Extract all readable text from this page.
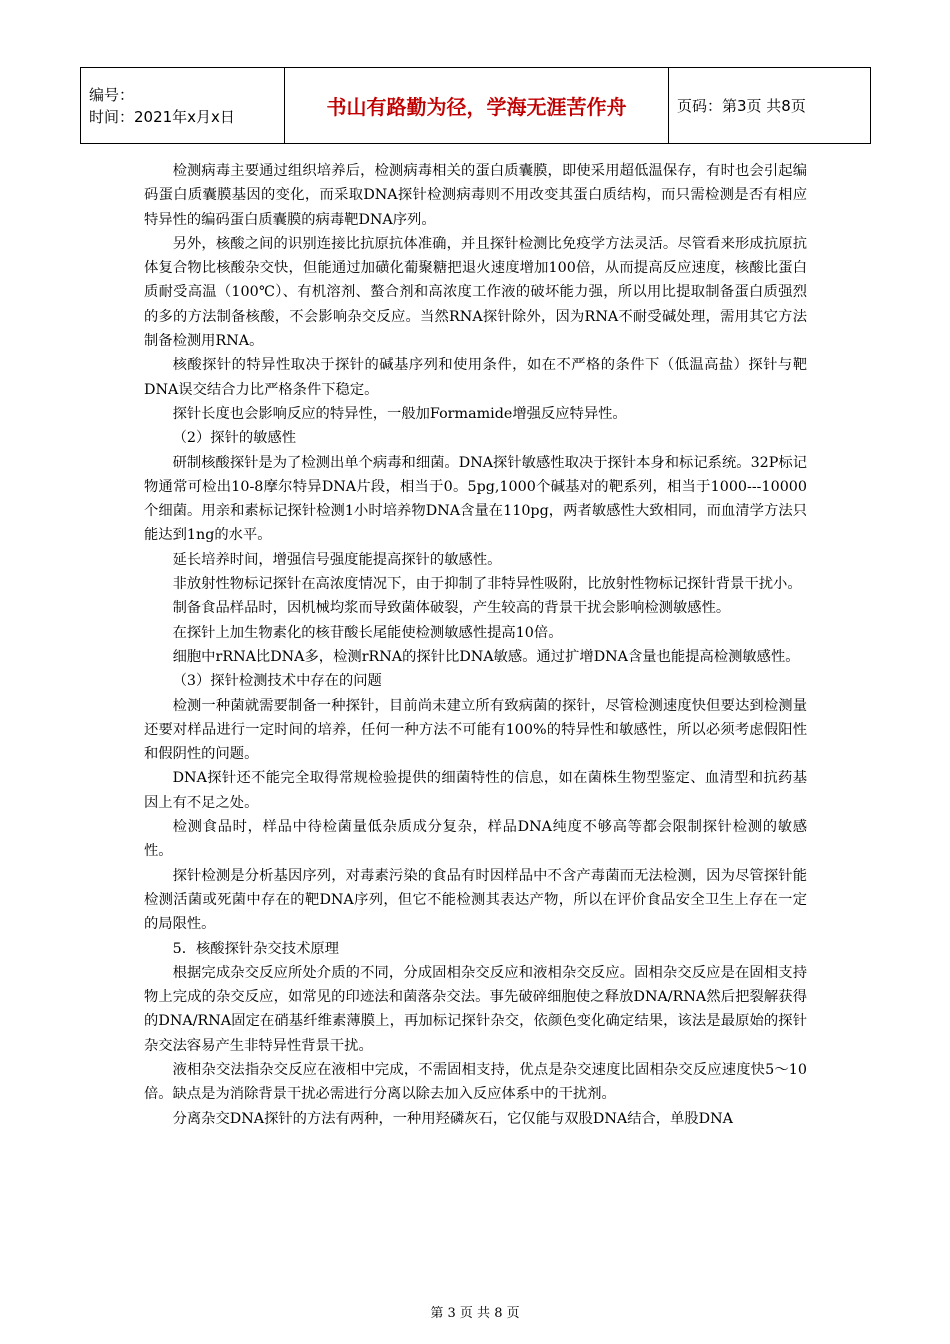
编号：
时间：2021年x月x日	书山有路勤为径，学海无涯苦作舟	页码：第3页 共8页

检测病毒主要通过组织培养后，检测病毒相关的蛋白质囊膜，即使采用超低温保存，有时也会引起编码蛋白质囊膜基因的变化，而采取DNA探针检测病毒则不用改变其蛋白质结构，而只需检测是否有相应特异性的编码蛋白质囊膜的病毒靶DNA序列。

另外，核酸之间的识别连接比抗原抗体准确，并且探针检测比免疫学方法灵活。尽管看来形成抗原抗体复合物比核酸杂交快，但能通过加磺化葡聚糖把退火速度增加100倍，从而提高反应速度，核酸比蛋白质耐受高温（100℃）、有机溶剂、螯合剂和高浓度工作液的破坏能力强，所以用比提取制备蛋白质强烈的多的方法制备核酸，不会影响杂交反应。当然RNA探针除外，因为RNA不耐受碱处理，需用其它方法制备检测用RNA。

核酸探针的特异性取决于探针的碱基序列和使用条件，如在不严格的条件下（低温高盐）探针与靶DNA误交结合力比严格条件下稳定。

探针长度也会影响反应的特异性，一般加Formamide增强反应特异性。

（2）探针的敏感性

研制核酸探针是为了检测出单个病毒和细菌。DNA探针敏感性取决于探针本身和标记系统。32P标记物通常可检出10-8摩尔特异DNA片段，相当于0。5pg,1000个碱基对的靶系列，相当于1000---10000个细菌。用亲和素标记探针检测1小时培养物DNA含量在110pg，两者敏感性大致相同，而血清学方法只能达到1ng的水平。

延长培养时间，增强信号强度能提高探针的敏感性。

非放射性物标记探针在高浓度情况下，由于抑制了非特异性吸附，比放射性物标记探针背景干扰小。

制备食品样品时，因机械均浆而导致菌体破裂，产生较高的背景干扰会影响检测敏感性。

在探针上加生物素化的核苷酸长尾能使检测敏感性提高10倍。

细胞中rRNA比DNA多，检测rRNA的探针比DNA敏感。通过扩增DNA含量也能提高检测敏感性。

（3）探针检测技术中存在的问题

检测一种菌就需要制备一种探针，目前尚未建立所有致病菌的探针，尽管检测速度快但要达到检测量还要对样品进行一定时间的培养，任何一种方法不可能有100%的特异性和敏感性，所以必须考虑假阳性和假阴性的问题。

DNA探针还不能完全取得常规检验提供的细菌特性的信息，如在菌株生物型鉴定、血清型和抗药基因上有不足之处。

检测食品时，样品中待检菌量低杂质成分复杂，样品DNA纯度不够高等都会限制探针检测的敏感性。

探针检测是分析基因序列，对毒素污染的食品有时因样品中不含产毒菌而无法检测，因为尽管探针能检测活菌或死菌中存在的靶DNA序列，但它不能检测其表达产物，所以在评价食品安全卫生上存在一定的局限性。

5．核酸探针杂交技术原理

根据完成杂交反应所处介质的不同，分成固相杂交反应和液相杂交反应。固相杂交反应是在固相支持物上完成的杂交反应，如常见的印迹法和菌落杂交法。事先破碎细胞使之释放DNA/RNA然后把裂解获得的DNA/RNA固定在硝基纤维素薄膜上，再加标记探针杂交，依颜色变化确定结果，该法是最原始的探针杂交法容易产生非特异性背景干扰。

液相杂交法指杂交反应在液相中完成，不需固相支持，优点是杂交速度比固相杂交反应速度快5～10倍。缺点是为消除背景干扰必需进行分离以除去加入反应体系中的干扰剂。

分离杂交DNA探针的方法有两种，一种用羟磷灰石，它仅能与双股DNA结合，单股DNA

第 3 页 共 8 页
